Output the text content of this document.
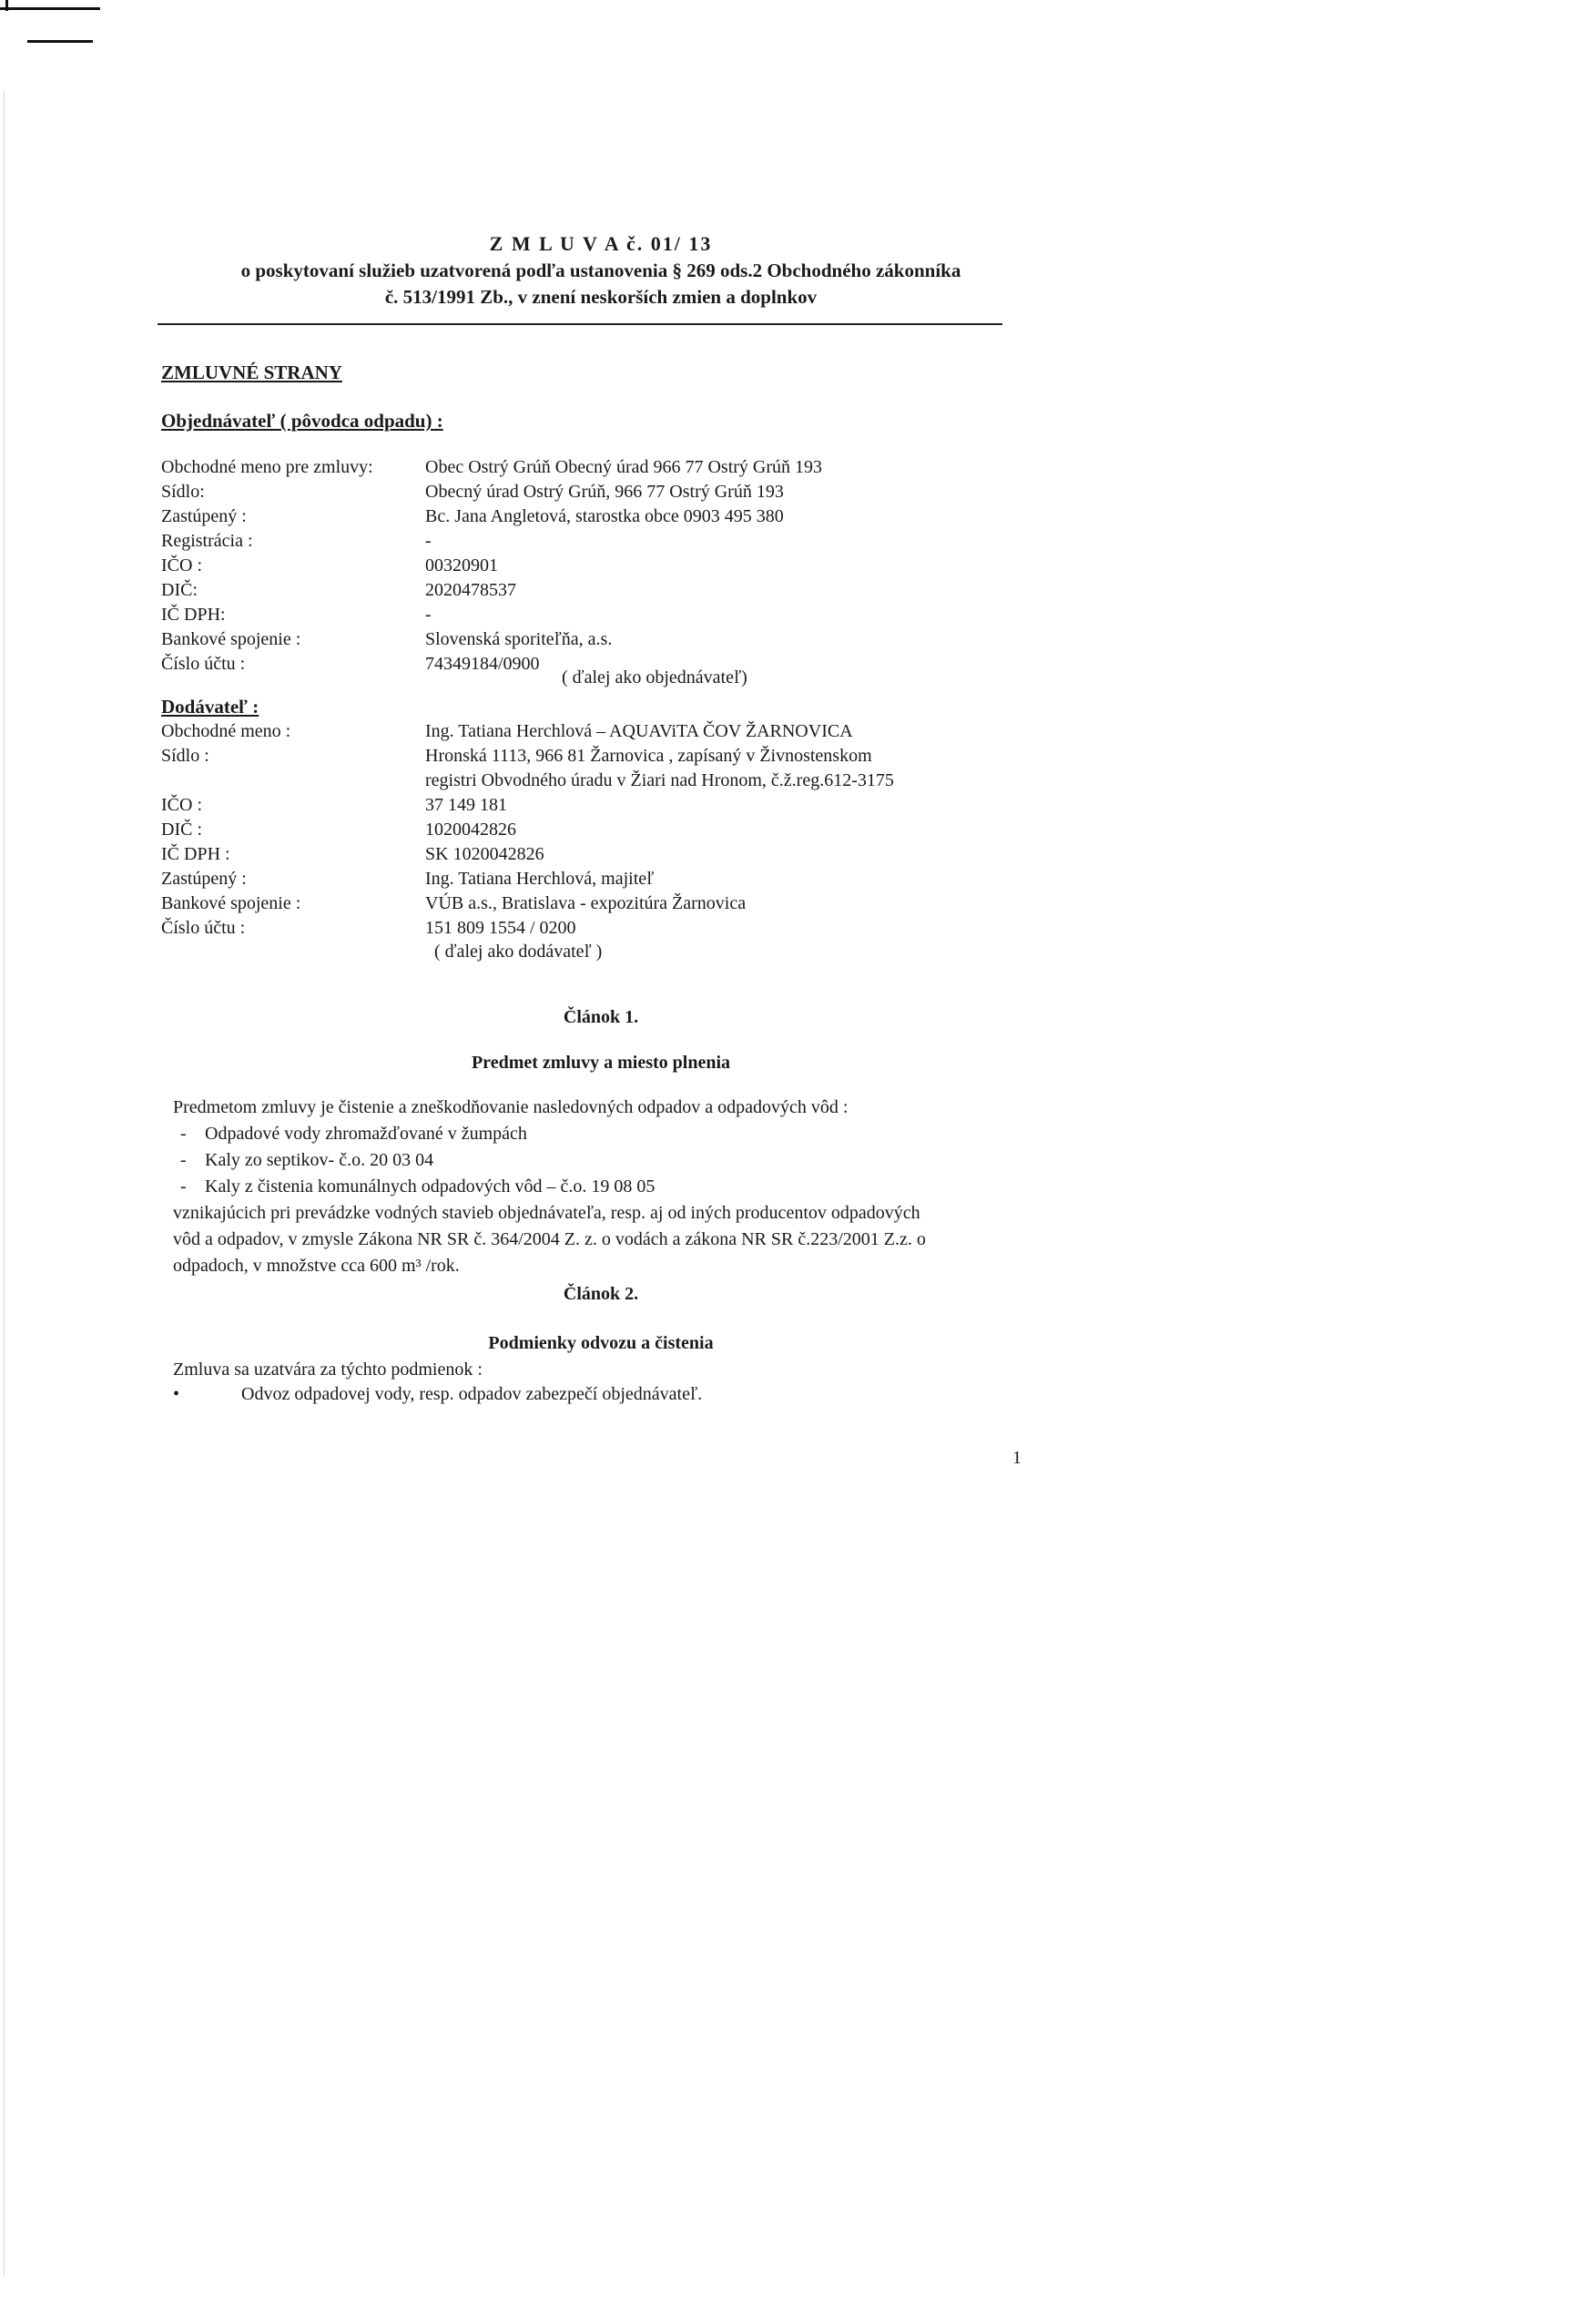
Z M L U V A č. 01/ 13

o poskytovaní služieb uzatvorená podľa ustanovenia § 269 ods.2 Obchodného zákonníka

č. 513/1991 Zb., v znení neskorších zmien a doplnkov

ZMLUVNÉ STRANY

Objednávateľ ( pôvodca odpadu) :

Obchodné meno pre zmluvy:	Obec Ostrý Grúň Obecný úrad 966 77 Ostrý Grúň 193
Sídlo:	Obecný úrad Ostrý Grúň, 966 77 Ostrý Grúň 193
Zastúpený :	Bc. Jana Angletová, starostka obce 0903 495 380
Registrácia :	-
IČO :	00320901
DIČ:	2020478537
IČ DPH:	-
Bankové spojenie :	Slovenská sporiteľňa, a.s.
Číslo účtu :	74349184/0900

( ďalej ako objednávateľ)

Dodávateľ :

Obchodné meno :	Ing. Tatiana Herchlová – AQUAViTA ČOV ŽARNOVICA
Sídlo :	Hronská 1113, 966 81 Žarnovica , zapísaný v Živnostenskom
	registri Obvodného úradu v Žiari nad Hronom, č.ž.reg.612-3175
IČO :	37 149 181
DIČ :	1020042826
IČ DPH :	SK 1020042826
Zastúpený :	Ing. Tatiana Herchlová, majiteľ
Bankové spojenie :	VÚB a.s., Bratislava - expozitúra Žarnovica
Číslo účtu :	151 809 1554 / 0200

( ďalej ako dodávateľ )

Článok 1.

Predmet zmluvy a miesto plnenia

Predmetom zmluvy je čistenie a zneškodňovanie nasledovných odpadov a odpadových vôd :
- Odpadové vody zhromažďované v žumpách
- Kaly zo septikov- č.o. 20 03 04
- Kaly z čistenia komunálnych odpadových vôd – č.o. 19 08 05
vznikajúcich pri prevádzke vodných stavieb objednávateľa, resp. aj od iných producentov odpadových
vôd a odpadov, v zmysle Zákona NR SR č. 364/2004 Z. z. o vodách a zákona NR SR č.223/2001 Z.z. o
odpadoch, v množstve cca 600 m³ /rok.

Článok 2.

Podmienky odvozu a čistenia

Zmluva sa uzatvára za týchto podmienok :

•	Odvoz odpadovej vody, resp. odpadov zabezpečí objednávateľ.

1
